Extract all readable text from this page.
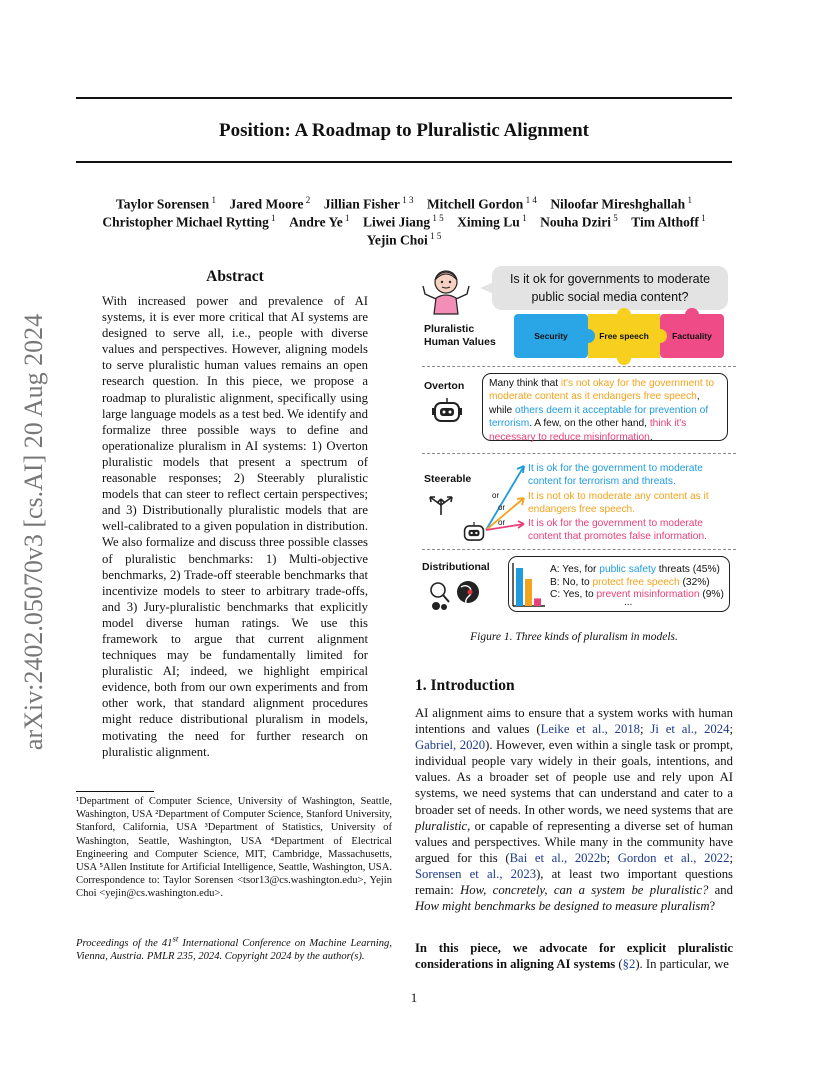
arXiv:2402.05070v3 [cs.AI] 20 Aug 2024
Position: A Roadmap to Pluralistic Alignment
Taylor Sorensen $^1$  Jared Moore $^2$  Jillian Fisher $^{1 3}$  Mitchell Gordon $^{1 4}$  Niloofar Mireshghallah $^1$
Christopher Michael Rytting $^1$  Andre Ye $^1$  Liwei Jiang $^{1 5}$  Ximing Lu $^1$  Nouha Dziri $^5$  Tim Althoff $^1$
Yejin Choi $^{1 5}$
Abstract
With increased power and prevalence of AI systems, it is ever more critical that AI systems are designed to serve all, i.e., people with diverse values and perspectives. However, aligning models to serve pluralistic human values remains an open research question. In this piece, we propose a roadmap to pluralistic alignment, specifically using large language models as a test bed. We identify and formalize three possible ways to define and operationalize pluralism in AI systems: 1) Overton pluralistic models that present a spectrum of reasonable responses; 2) Steerably pluralistic models that can steer to reflect certain perspectives; and 3) Distributionally pluralistic models that are well-calibrated to a given population in distribution. We also formalize and discuss three possible classes of pluralistic benchmarks: 1) Multi-objective benchmarks, 2) Trade-off steerable benchmarks that incentivize models to steer to arbitrary trade-offs, and 3) Jury-pluralistic benchmarks that explicitly model diverse human ratings. We use this framework to argue that current alignment techniques may be fundamentally limited for pluralistic AI; indeed, we highlight empirical evidence, both from our own experiments and from other work, that standard alignment procedures might reduce distributional pluralism in models, motivating the need for further research on pluralistic alignment.
¹Department of Computer Science, University of Washington, Seattle, Washington, USA ²Department of Computer Science, Stanford University, Stanford, California, USA ³Department of Statistics, University of Washington, Seattle, Washington, USA ⁴Department of Electrical Engineering and Computer Science, MIT, Cambridge, Massachusetts, USA ⁵Allen Institute for Artificial Intelligence, Seattle, Washington, USA. Correspondence to: Taylor Sorensen <tsor13@cs.washington.edu>, Yejin Choi <yejin@cs.washington.edu>.
Proceedings of the 41st International Conference on Machine Learning, Vienna, Austria. PMLR 235, 2024. Copyright 2024 by the author(s).
1
Is it ok for governments to moderate
public social media content?
Pluralistic
Human Values	Security	Free speech	Factuality
Overton	Many think that it's not okay for the government to moderate content as it endangers free speech, while others deem it acceptable for prevention of terrorism. A few, on the other hand, think it's necessary to reduce misinformation.
Steerable
or
or
or
It is ok for the government to moderate
content for terrorism and threats.
It is not ok to moderate any content as it
endangers free speech.
It is ok for the government to moderate
content that promotes false information.
Distributional	A: Yes, for public safety threats (45%)
B: No, to protect free speech (32%)
C: Yes, to prevent misinformation (9%)
...
Figure 1. Three kinds of pluralism in models.
1. Introduction
AI alignment aims to ensure that a system works with human intentions and values (Leike et al., 2018; Ji et al., 2024; Gabriel, 2020). However, even within a single task or prompt, individual people vary widely in their goals, intentions, and values. As a broader set of people use and rely upon AI systems, we need systems that can understand and cater to a broader set of needs. In other words, we need systems that are pluralistic, or capable of representing a diverse set of human values and perspectives. While many in the community have argued for this (Bai et al., 2022b; Gordon et al., 2022; Sorensen et al., 2023), at least two important questions remain: How, concretely, can a system be pluralistic? and How might benchmarks be designed to measure pluralism?
In this piece, we advocate for explicit pluralistic considerations in aligning AI systems (§2). In particular, we
